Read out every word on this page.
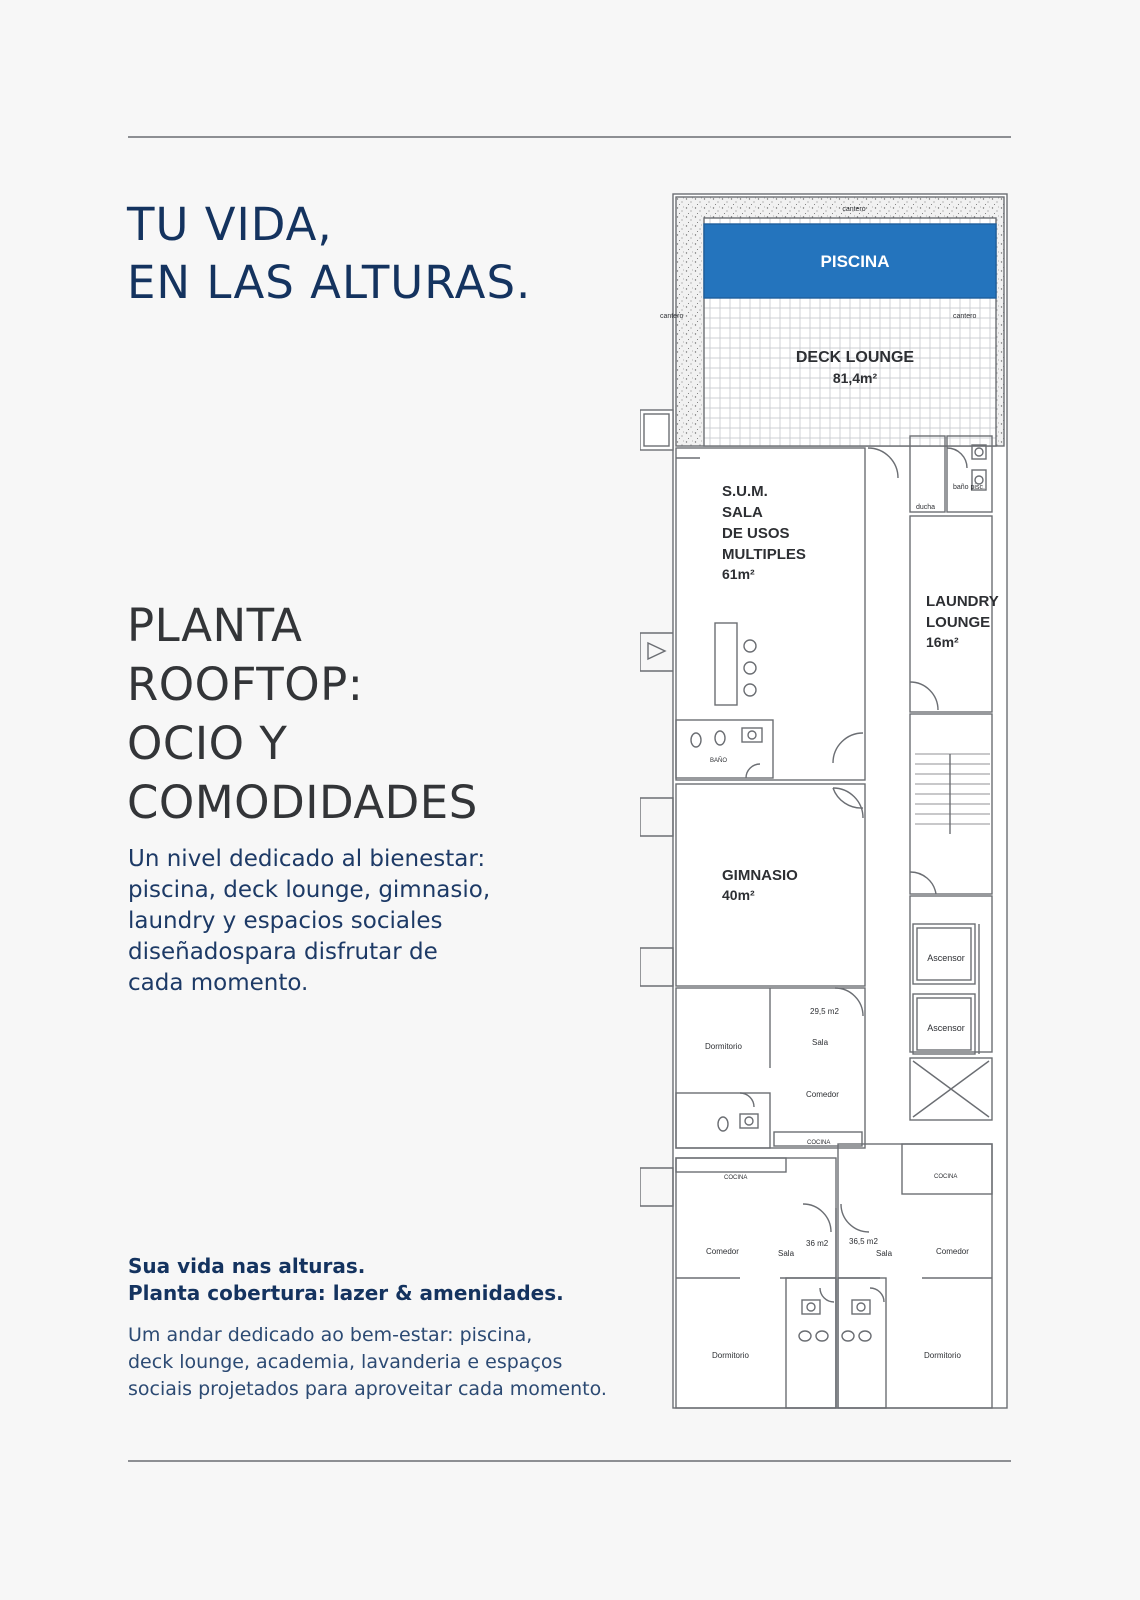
TU VIDA,
EN LAS ALTURAS.
PLANTA
ROOFTOP:
OCIO Y
COMODIDADES

Un nivel dedicado al bienestar:
piscina, deck lounge, gimnasio,
laundry y espacios sociales
diseñadospara disfrutar de
cada momento.

Sua vida nas alturas.
Planta cobertura: lazer & amenidades.

Um andar dedicado ao bem-estar: piscina,
deck lounge, academia, lavanderia e espaços
sociais projetados para aproveitar cada momento.

PISCINA
DECK LOUNGE
81,4m²
cantero
cantero	cantero
S.U.M.
SALA
DE USOS
MULTIPLES
61m²
BAÑO
baño pisc.
ducha
LAUNDRY
LOUNGE
16m²
GIMNASIO
40m²
Ascensor
Ascensor
29,5 m2
Sala
Dormitorio
Comedor
COCINA
COCINA	COCINA
Comedor	Sala
36 m2	36,5 m2
Sala	Comedor
Dormitorio	Dormitorio
